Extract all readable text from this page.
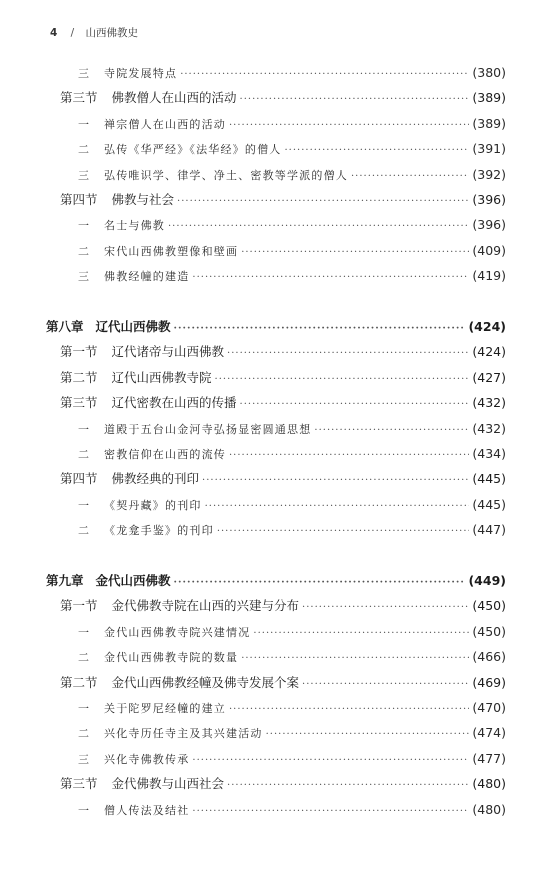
4 / 山西佛教史
三	寺院发展特点 ·····	(380)
第三节 佛教僧人在山西的活动 ·····	(389)
一	禅宗僧人在山西的活动 ·····	(389)
二	弘传《华严经》《法华经》的僧人 ·····	(391)
三	弘传唯识学、律学、净土、密教等学派的僧人 ·····	(392)
第四节 佛教与社会 ·····	(396)
一	名士与佛教 ·····	(396)
二	宋代山西佛教塑像和壁画 ·····	(409)
三	佛教经幢的建造 ·····	(419)
第八章 辽代山西佛教 ·····	(424)
第一节 辽代诸帝与山西佛教 ·····	(424)
第二节 辽代山西佛教寺院 ·····	(427)
第三节 辽代密教在山西的传播 ·····	(432)
一	道殿于五台山金河寺弘扬显密圆通思想 ·····	(432)
二	密教信仰在山西的流传 ·····	(434)
第四节 佛教经典的刊印 ·····	(445)
一	《契丹藏》的刊印 ·····	(445)
二	《龙龛手鉴》的刊印 ·····	(447)
第九章 金代山西佛教 ·····	(449)
第一节 金代佛教寺院在山西的兴建与分布 ·····	(450)
一	金代山西佛教寺院兴建情况 ·····	(450)
二	金代山西佛教寺院的数量 ·····	(466)
第二节 金代山西佛教经幢及佛寺发展个案 ·····	(469)
一	关于陀罗尼经幢的建立 ·····	(470)
二	兴化寺历任寺主及其兴建活动 ·····	(474)
三	兴化寺佛教传承 ·····	(477)
第三节 金代佛教与山西社会 ·····	(480)
一	僧人传法及结社 ·····	(480)
